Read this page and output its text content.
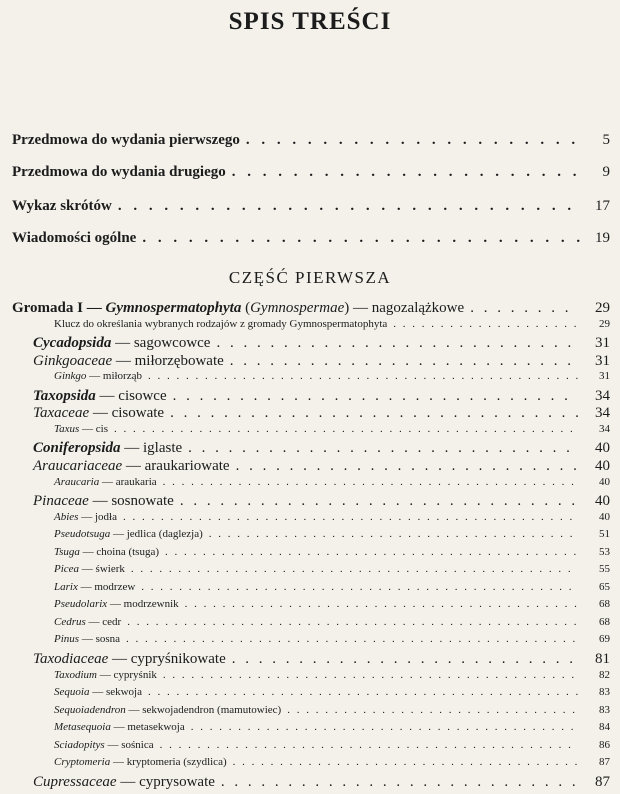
SPIS TREŚCI
Przedmowa do wydania pierwszego . . .	5
Przedmowa do wydania drugiego . . .	9
Wykaz skrótów . . .	17
Wiadomości ogólne . . .	19
CZĘŚĆ PIERWSZA
Gromada I — Gymnospermatophyta (Gymnospermae) — nagozalążkowe . . .	29
Klucz do określania wybranych rodzajów z gromady Gymnospermatophyta . . .	29
Cycadopsida — sagowcowce . . .	31
Ginkgoaceae — miłorzębowate . . .	31
Ginkgo — miłorząb . . .	31
Taxopsida — cisowce . . .	34
Taxaceae — cisowate . . .	34
Taxus — cis . . .	34
Coniferopsida — iglaste . . .	40
Araucariaceae — araukariowate . . .	40
Araucaria — araukaria . . .	40
Pinaceae — sosnowate . . .	40
Abies — jodła . . .	40
Pseudotsuga — jedlica (daglezja) . . .	51
Tsuga — choina (tsuga) . . .	53
Picea — świerk . . .	55
Larix — modrzew . . .	65
Pseudolarix — modrzewnik . . .	68
Cedrus — cedr . . .	68
Pinus — sosna . . .	69
Taxodiaceae — cypryśnikowate . . .	81
Taxodium — cypryśnik . . .	82
Sequoia — sekwoja . . .	83
Sequoiadendron — sekwojadendron (mamutowiec) . . .	83
Metasequoia — metasekwoja . . .	84
Sciadopitys — sośnica . . .	86
Cryptomeria — kryptomeria (szydlica) . . .	87
Cupressaceae — cyprysowate . . .	87
